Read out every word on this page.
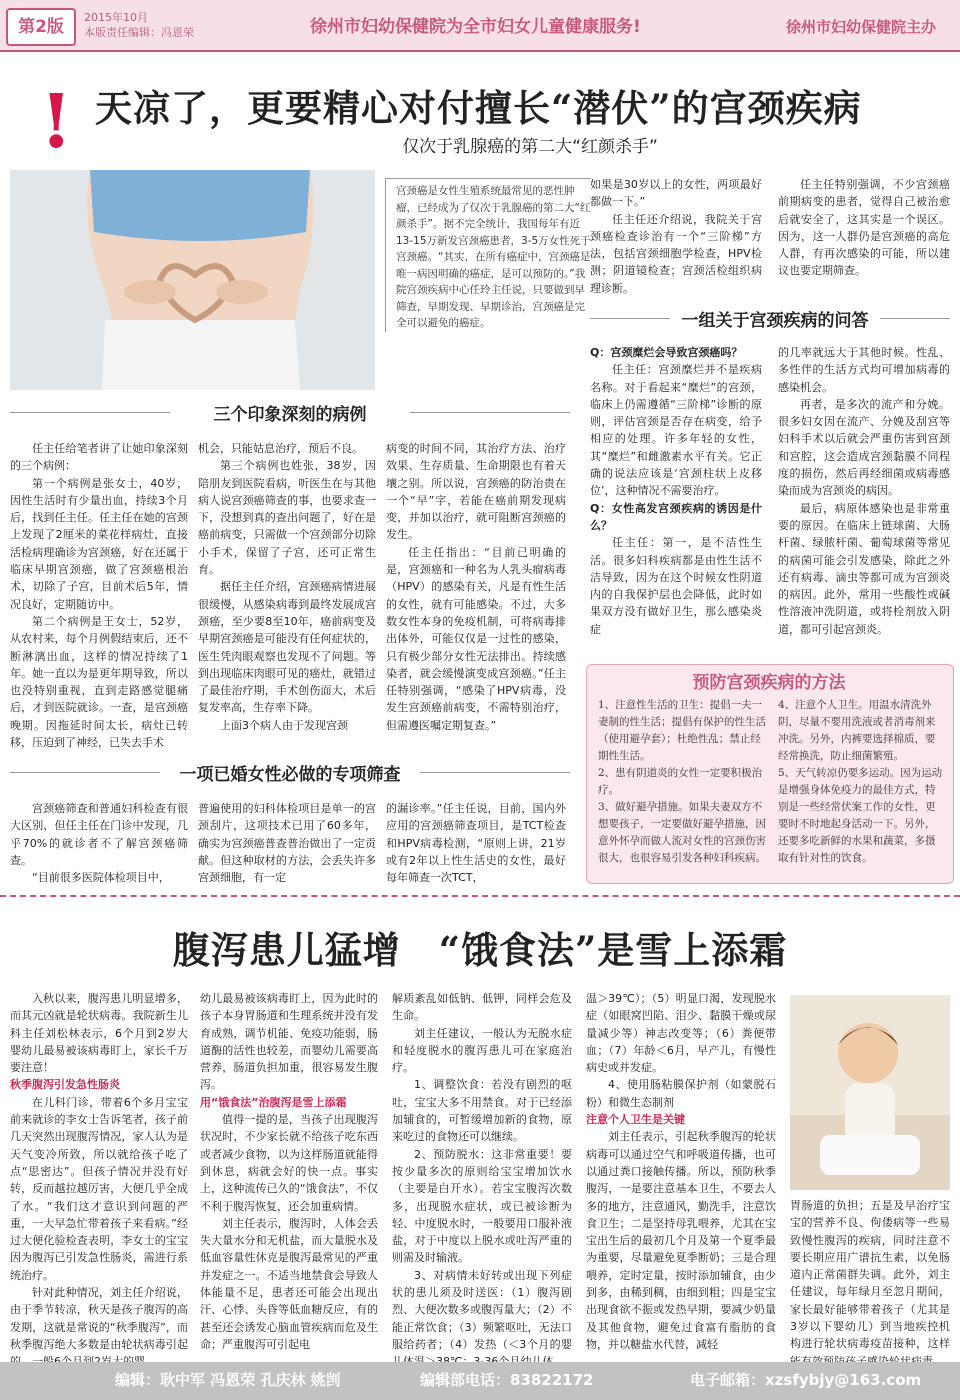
第2版	2015年10月
本版责任编辑：冯恩荣	徐州市妇幼保健院为全市妇女儿童健康服务!	徐州市妇幼保健院主办
! 天凉了，更要精心对付擅长“潜伏”的宫颈疾病
仅次于乳腺癌的第二大“红颜杀手”
宫颈癌是女性生殖系统最常见的恶性肿瘤，已经成为了仅次于乳腺癌的第二大“红颜杀手”。据不完全统计，我国每年有近13-15万新发宫颈癌患者，3-5万女性死于宫颈癌。“其实，在所有癌症中，宫颈癌是唯一病因明确的癌症，是可以预防的。”我院宫颈疾病中心任玲主任说，只要做到早筛查，早期发现、早期诊治，宫颈癌是完全可以避免的癌症。
三个印象深刻的病例

任主任给笔者讲了让她印象深刻的三个病例：

第一个病例是张女士，40岁，因性生活时有少量出血，持续3个月后，找到任主任。任主任在她的宫颈上发现了2厘米的菜花样病灶，直接活检病理确诊为宫颈癌，好在还属于临床早期宫颈癌，做了宫颈癌根治术，切除了子宫，目前术后5年，情况良好，定期随访中。

第二个病例是王女士，52岁，从农村来，每个月例假结束后，还不断淋漓出血，这样的情况持续了1年。她一直以为是更年期导致，所以也没特别重视，直到走路感觉腿痛后，才到医院就诊。一查，是宫颈癌晚期。因拖延时间太长，病灶已转移，压迫到了神经，已失去手术

机会，只能姑息治疗，预后不良。

第三个病例也姓张，38岁，因陪朋友到医院看病，听医生在与其他病人说宫颈癌筛查的事，也要求查一下，没想到真的查出问题了，好在是癌前病变，只需做一个宫颈部分切除小手术，保留了子宫，还可正常生育。

据任主任介绍，宫颈癌病情进展很缓慢，从感染病毒到最终发展成宫颈癌，至少要8至10年，癌前病变及早期宫颈癌是可能没有任何症状的，医生凭肉眼观察也发现不了问题。等到出现临床肉眼可见的癌灶，就错过了最佳治疗期，手术创伤面大，术后复发率高，生存率下降。

上面3个病人由于发现宫颈

病变的时间不同，其治疗方法、治疗效果、生存质量、生命期限也有着天壤之别。所以说，宫颈癌的防治贵在一个“早”字，若能在癌前期发现病变，并加以治疗，就可阻断宫颈癌的发生。

任主任指出：“目前已明确的是，宫颈癌和一种名为人乳头瘤病毒（HPV）的感染有关，凡是有性生活的女性，就有可能感染。不过，大多数女性本身的免疫机制，可将病毒排出体外，可能仅仅是一过性的感染，只有极少部分女性无法排出。持续感染者，就会缓慢演变成宫颈癌。”任主任特别强调，“感染了HPV病毒，没发生宫颈癌前病变，不需特别治疗，但需遵医嘱定期复查。”

如果是30岁以上的女性，两项最好都做一下。”

任主任还介绍说，我院关于宫颈癌检查诊治有一个“三阶梯”方法，包括宫颈细胞学检查，HPV检测；阴道镜检查；宫颈活检组织病理诊断。

任主任特别强调，不少宫颈癌前期病变的患者，觉得自己被治愈后就安全了，这其实是一个误区。因为，这一人群仍是宫颈癌的高危人群，有再次感染的可能，所以建议也要定期筛查。

一组关于宫颈疾病的问答

Q：宫颈糜烂会导致宫颈癌吗？

任主任：宫颈糜烂并不是疾病名称。对于看起来“糜烂”的宫颈，临床上仍需遵循“三阶梯”诊断的原则，评估宫颈是否存在病变，给予相应的处理。许多年轻的女性，其“糜烂”和雌激素水平有关。它正确的说法应该是‘宫颈柱状上皮移位’，这种情况不需要治疗。

Q：女性高发宫颈疾病的诱因是什么？

任主任：第一，是不洁性生活。很多妇科疾病都是由性生活不洁导致，因为在这个时候女性阴道内的自我保护层也会降低，此时如果双方没有做好卫生，那么感染炎症

的几率就远大于其他时候。性乱、多性伴的生活方式均可增加病毒的感染机会。

再者，是多次的流产和分娩。很多妇女因在流产、分娩及刮宫等妇科手术以后就会严重伤害到宫颈和宫腔，这会造成宫颈黏膜不同程度的损伤，然后再经细菌或病毒感染而成为宫颈炎的病因。

最后，病原体感染也是非常重要的原因。在临床上链球菌、大肠杆菌、绿脓杆菌、葡萄球菌等常见的病菌可能会引发感染，除此之外还有病毒、滴虫等都可成为宫颈炎的病因。此外，常用一些酸性或碱性溶液冲洗阴道，或将栓剂放入阴道，都可引起宫颈炎。

预防宫颈疾病的方法
1、注意性生活的卫生：提倡一夫一妻制的性生活；提倡有保护的性生活（使用避孕套）；杜绝性乱；禁止经期性生活。
2、患有阴道炎的女性一定要积极治疗。
3、做好避孕措施。如果夫妻双方不想要孩子，一定要做好避孕措施，因意外怀孕而做人流对女性的宫颈伤害很大，也很容易引发各种妇科疾病。
4、注意个人卫生。用温水清洗外阴，尽量不要用洗液或者消毒剂来冲洗。另外，内裤要选择棉质，要经常换洗，防止细菌繁殖。
5、天气转凉仍要多运动。因为运动是增强身体免疫力的最佳方式，特别是一些经常伏案工作的女性，更要时不时地起身活动一下。另外，还要多吃新鲜的水果和蔬菜，多摄取有针对性的饮食。
一项已婚女性必做的专项筛查

宫颈癌筛查和普通妇科检查有很大区别，但任主任在门诊中发现，几乎70%的就诊者不了解宫颈癌筛查。

“目前很多医院体检项目中，

普遍使用的妇科体检项目是单一的宫颈刮片，这项技术已用了60多年，确实为宫颈癌普查普治做出了一定贡献。但这种取材的方法，会丢失许多宫颈细胞，有一定

的漏诊率。”任主任说，目前，国内外应用的宫颈癌筛查项目，是TCT检查和HPV病毒检测，“原则上讲，21岁或有2年以上性生活史的女性，最好每年筛查一次TCT，

腹泻患儿猛增　“饿食法”是雪上添霜

入秋以来，腹泻患儿明显增多，而其元凶就是轮状病毒。我院新生儿科主任刘松林表示，6个月到2岁大婴幼儿最易被该病毒盯上，家长千万要注意！

秋季腹泻引发急性肠炎

在儿科门诊，带着6个多月宝宝前来就诊的李女士告诉笔者，孩子前几天突然出现腹泻情况，家人认为是天气变冷所致，所以就给孩子吃了点“思密达”。但孩子情况并没有好转，反而越拉越厉害，大便几乎全成了水。“我们这才意识到问题的严重，一大早急忙带着孩子来看病。”经过大便化验检查表明，李女士的宝宝因为腹泻已引发急性肠炎，需进行系统治疗。

针对此种情况，刘主任介绍说，由于季节转凉，秋天是孩子腹泻的高发期，这就是常说的“秋季腹泻”，而秋季腹泻绝大多数是由轮状病毒引起

幼儿最易被该病毒盯上，因为此时的孩子本身胃肠道和生理系统并没有发育成熟，调节机能、免疫功能弱，肠道酶的活性也较差，而婴幼儿需要高营养，肠道负担加重，很容易发生腹泻。

用“饿食法”治腹泻是雪上添霜

值得一提的是，当孩子出现腹泻状况时，不少家长就不给孩子吃东西或者减少食物，以为这样肠道就能得到休息，病就会好的快一点。事实上，这种流传已久的“饿食法”，不仅不利于腹泻恢复，还会加重病情。

刘主任表示，腹泻时，人体会丢失大量水分和无机盐，而大量脱水及低血容量性休克是腹泻最常见的严重并发症之一。不适当地禁食会导致人体能量不足，患者还可能会出现出汗、心悸、头昏等低血糖反应，有的甚至还会诱发心脑血管疾病而危及生命；严重腹泻可引起电

解质紊乱如低钠、低钾，同样会危及生命。

刘主任建议，一般认为无脱水症和轻度脱水的腹泻患儿可在家庭治疗。

1、调整饮食：若没有剧烈的呕吐，宝宝大多不用禁食。对于已经添加辅食的，可暂缓增加新的食物，原来吃过的食物还可以继续。

2、预防脱水：这非常重要！要按少量多次的原则给宝宝增加饮水（主要是白开水）。若宝宝腹泻次数多，出现脱水症状，或已被诊断为轻、中度脱水时，一般要用口服补液盐，对于中度以上脱水或吐泻严重的则需及时输液。

3、对病情未好转或出现下列症状的患儿须及时送医：（1）腹泻剧烈、大便次数多或腹泻量大；（2）不能正常饮食；（3）频繁呕吐，无法口服给药者；（4）发热（＜3个月的婴

温＞39℃）；（5）明显口渴，发现脱水症（如眼窝凹陷、泪少、黏膜干燥或尿量减少等）神志改变等；（6）粪便带血；（7）年龄＜6月，早产儿，有慢性病史或并发症。

4、使用肠粘膜保护剂（如蒙脱石粉）和微生态制剂

注意个人卫生是关键

刘主任表示，引起秋季腹泻的轮状病毒可以通过空气和呼吸道传播，也可以通过粪口接触传播。所以，预防秋季腹泻，一是要注意基本卫生，不要去人多的地方，注意通风，勤洗手，注意饮食卫生；二是坚持母乳喂养，尤其在宝宝出生后的最初几个月及第一个夏季最为重要，尽量避免夏季断奶；三是合理喂养，定时定量，按时添加辅食，由少到多，由稀到稠，由细到粗；四是宝宝出现食欲不振或发热早期，要减少奶量及其他食物，避免过食富有脂肪的食物，并以糖盐水代替，减轻

胃肠道的负担；五是及早治疗宝宝的营养不良、佝偻病等一些易致慢性腹泻的疾病，同时注意不要长期应用广谱抗生素，以免肠道内正常菌群失调。此外，刘主任建议，每年绿月至忽月期间，家长最好能够带着孩子（尤其是3岁以下婴幼儿）到当地疾控机构进行轮状病毒疫苗接种，这样

编辑：耿中军 冯恩荣 孔庆林 姚剀	编辑部电话：83822172	电子邮箱：xzsfybjy@163.com
